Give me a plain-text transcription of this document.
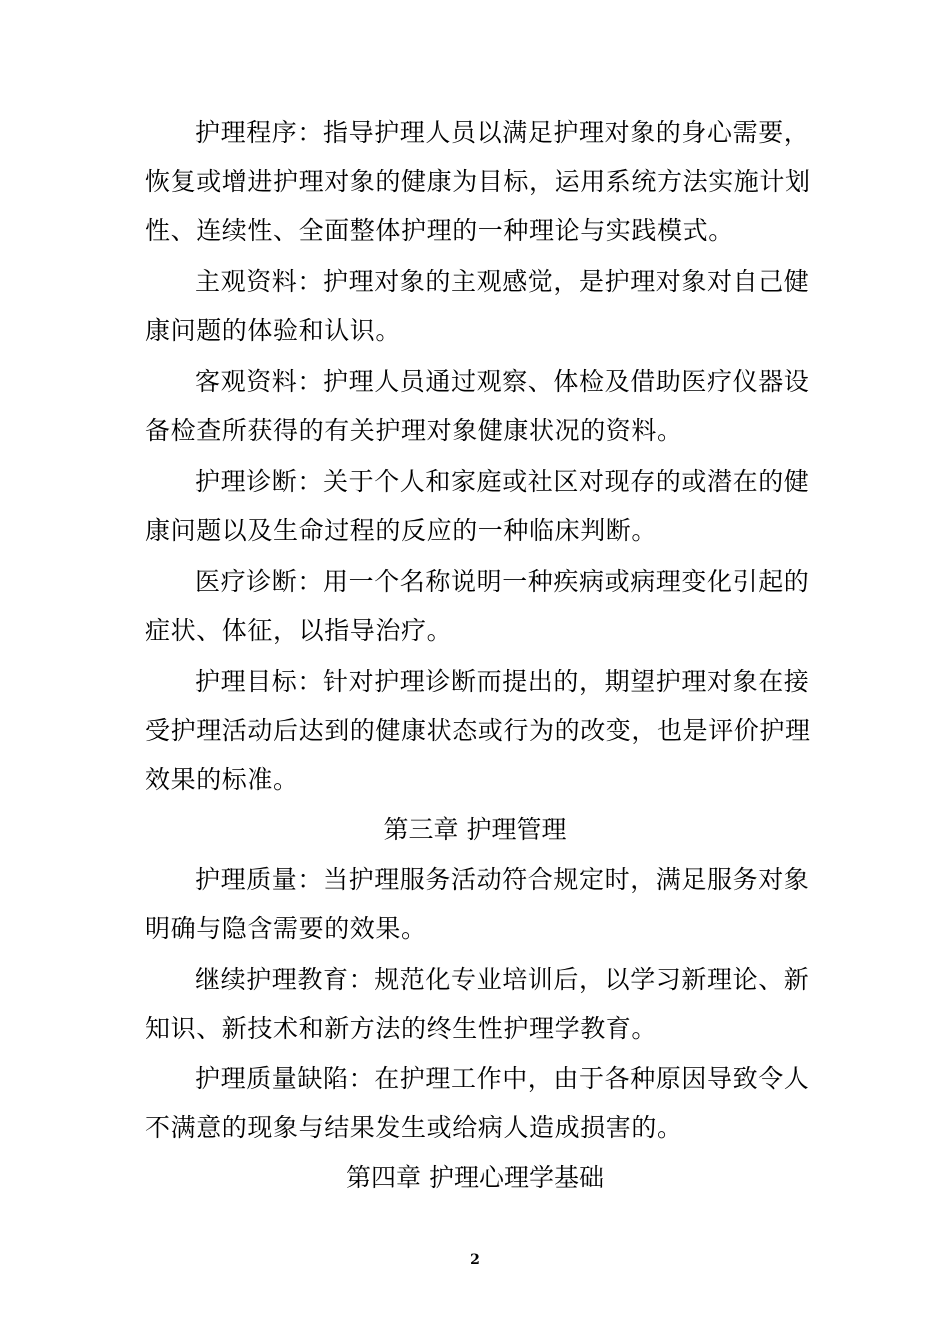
护理程序：指导护理人员以满足护理对象的身心需要，
恢复或增进护理对象的健康为目标，运用系统方法实施计划
性、连续性、全面整体护理的一种理论与实践模式。
主观资料：护理对象的主观感觉，是护理对象对自己健
康问题的体验和认识。
客观资料：护理人员通过观察、体检及借助医疗仪器设
备检查所获得的有关护理对象健康状况的资料。
护理诊断：关于个人和家庭或社区对现存的或潜在的健
康问题以及生命过程的反应的一种临床判断。
医疗诊断：用一个名称说明一种疾病或病理变化引起的
症状、体征，以指导治疗。
护理目标：针对护理诊断而提出的，期望护理对象在接
受护理活动后达到的健康状态或行为的改变，也是评价护理
效果的标准。
第三章 护理管理
护理质量：当护理服务活动符合规定时，满足服务对象
明确与隐含需要的效果。
继续护理教育：规范化专业培训后，以学习新理论、新
知识、新技术和新方法的终生性护理学教育。
护理质量缺陷：在护理工作中，由于各种原因导致令人
不满意的现象与结果发生或给病人造成损害的。
第四章 护理心理学基础
2
